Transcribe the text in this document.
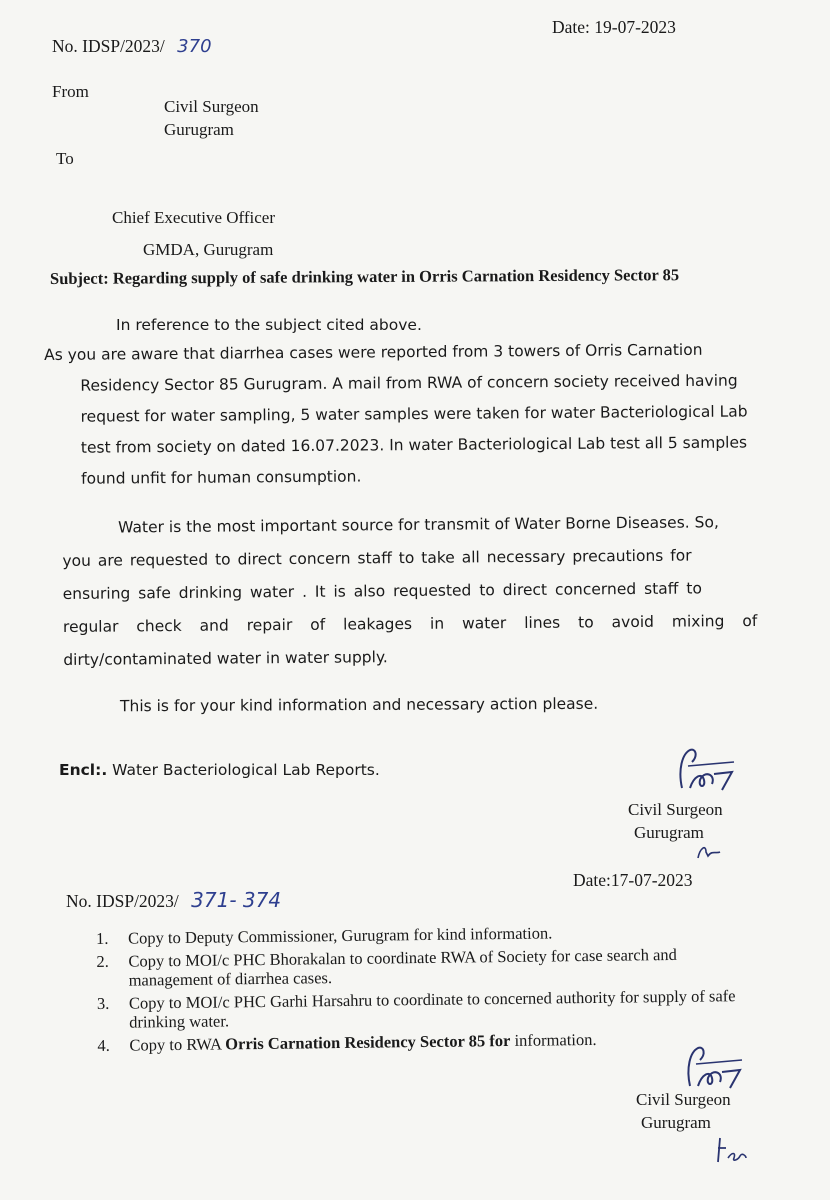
No. IDSP/2023/ 370
Date: 19-07-2023
From
Civil Surgeon
Gurugram
To
Chief Executive Officer
GMDA, Gurugram
Subject: Regarding supply of safe drinking water in Orris Carnation Residency Sector 85
In reference to the subject cited above.
As you are aware that diarrhea cases were reported from 3 towers of Orris Carnation
Residency Sector 85 Gurugram. A mail from RWA of concern society received having
request for water sampling, 5 water samples were taken for water Bacteriological Lab
test from society on dated 16.07.2023. In water Bacteriological Lab test all 5 samples
found unfit for human consumption.
Water is the most important source for transmit of Water Borne Diseases. So,
you are requested to direct concern staff to take all necessary precautions for
ensuring safe drinking water . It is also requested to direct concerned staff to
regular check and repair of leakages in water lines to avoid mixing of
dirty/contaminated water in water supply.
This is for your kind information and necessary action please.
Encl:. Water Bacteriological Lab Reports.
Civil Surgeon
Gurugram
No. IDSP/2023/ 371- 374
Date:17-07-2023
1. Copy to Deputy Commissioner, Gurugram for kind information.
2. Copy to MOI/c PHC Bhorakalan to coordinate RWA of Society for case search and management of diarrhea cases.
3. Copy to MOI/c PHC Garhi Harsahru to coordinate to concerned authority for supply of safe drinking water.
4. Copy to RWA Orris Carnation Residency Sector 85 for information.
Civil Surgeon
Gurugram
